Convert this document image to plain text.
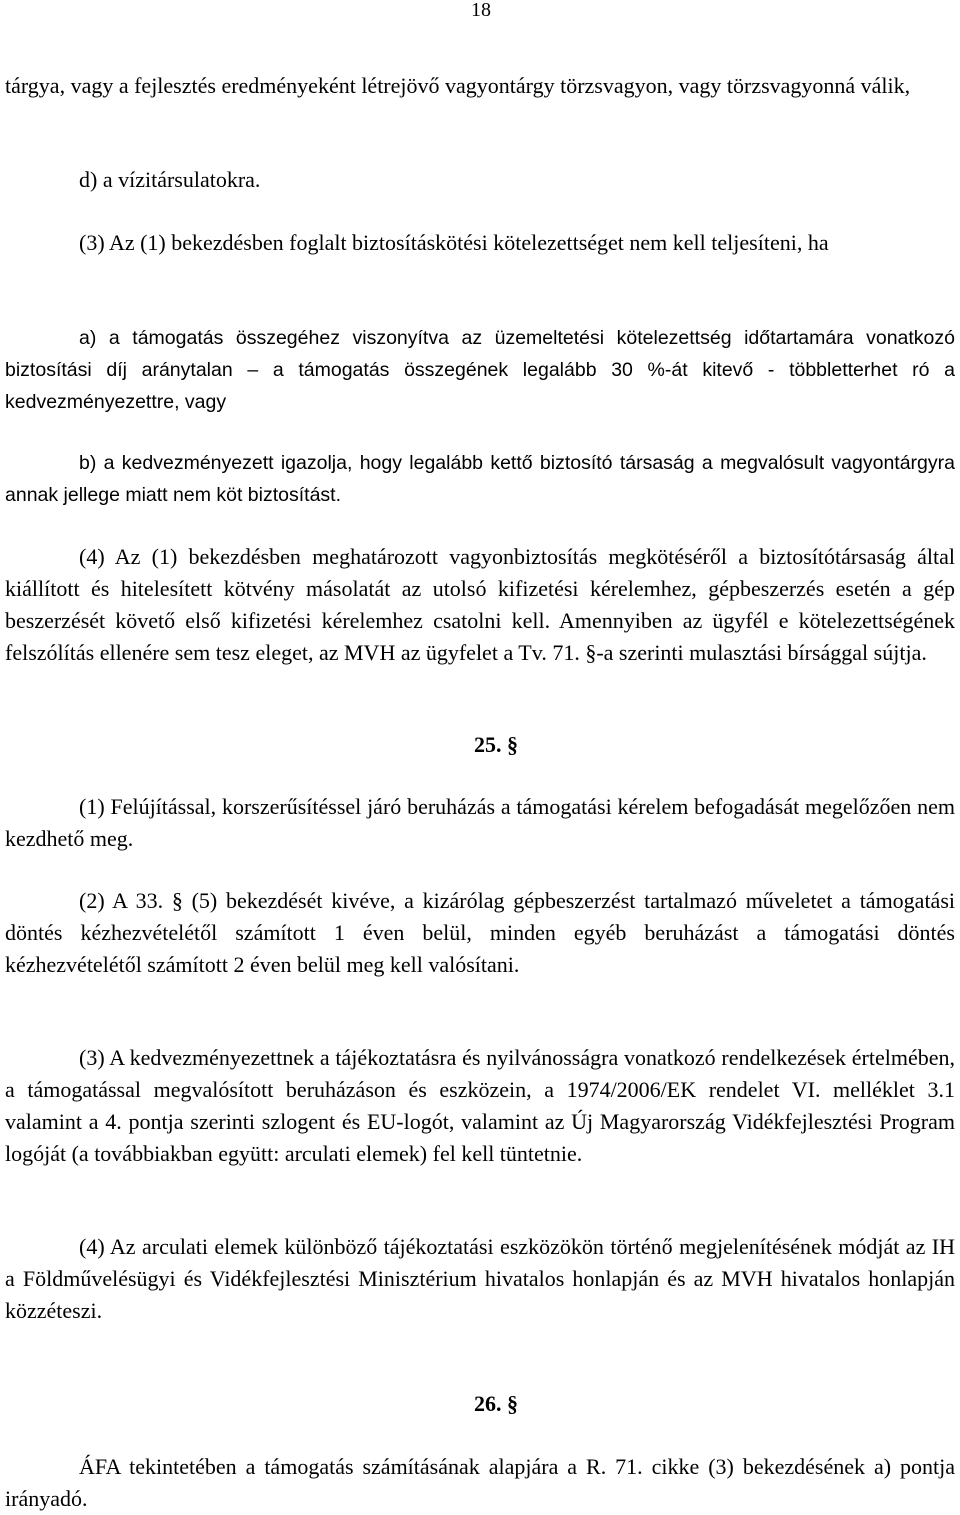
18

tárgya, vagy a fejlesztés eredményeként létrejövő vagyontárgy törzsvagyon, vagy törzsvagyonná válik,

d) a vízitársulatokra.

(3) Az (1) bekezdésben foglalt biztosításkötési kötelezettséget nem kell teljesíteni, ha

a) a támogatás összegéhez viszonyítva az üzemeltetési kötelezettség időtartamára vonatkozó biztosítási díj aránytalan – a támogatás összegének legalább 30 %-át kitevő - többletterhet ró a kedvezményezettre, vagy

b) a kedvezményezett igazolja, hogy legalább kettő biztosító társaság a megvalósult vagyontárgyra annak jellege miatt nem köt biztosítást.

(4) Az (1) bekezdésben meghatározott vagyonbiztosítás megkötéséről a biztosítótársaság által kiállított és hitelesített kötvény másolatát az utolsó kifizetési kérelemhez, gépbeszerzés esetén a gép beszerzését követő első kifizetési kérelemhez csatolni kell. Amennyiben az ügyfél e kötelezettségének felszólítás ellenére sem tesz eleget, az MVH az ügyfelet a Tv. 71. §-a szerinti mulasztási bírsággal sújtja.

25. §

(1) Felújítással, korszerűsítéssel járó beruházás a támogatási kérelem befogadását megelőzően nem kezdhető meg.

(2) A 33. § (5) bekezdését kivéve, a kizárólag gépbeszerzést tartalmazó műveletet a támogatási döntés kézhezvételétől számított 1 éven belül, minden egyéb beruházást a támogatási döntés kézhezvételétől számított 2 éven belül meg kell valósítani.

(3) A kedvezményezettnek a tájékoztatásra és nyilvánosságra vonatkozó rendelkezések értelmében, a támogatással megvalósított beruházáson és eszközein, a 1974/2006/EK rendelet VI. melléklet 3.1 valamint a 4. pontja szerinti szlogent és EU-logót, valamint az Új Magyarország Vidékfejlesztési Program logóját (a továbbiakban együtt: arculati elemek) fel kell tüntetnie.

(4) Az arculati elemek különböző tájékoztatási eszközökön történő megjelenítésének módját az IH a Földművelésügyi és Vidékfejlesztési Minisztérium hivatalos honlapján és az MVH hivatalos honlapján közzéteszi.

26. §

ÁFA tekintetében a támogatás számításának alapjára a R. 71. cikke (3) bekezdésének a) pontja irányadó.
